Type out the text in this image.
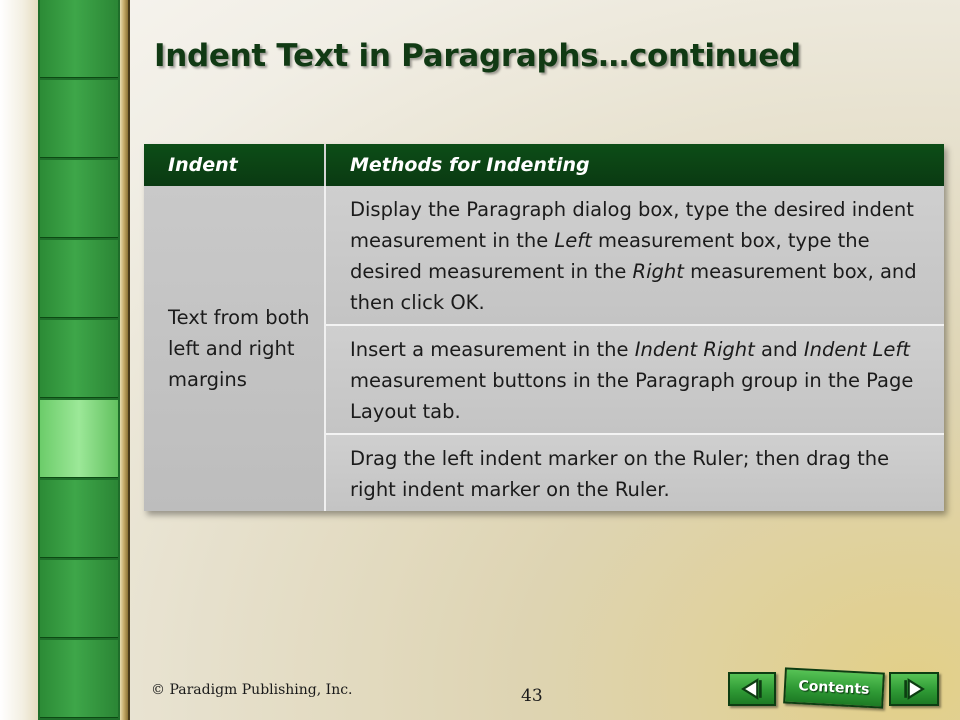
Indent Text in Paragraphs…continued
Indent	Methods for Indenting
Text from both left and right margins	Display the Paragraph dialog box, type the desired indent measurement in the Left measurement box, type the desired measurement in the Right measurement box, and then click OK.
	Insert a measurement in the Indent Right and Indent Left measurement buttons in the Paragraph group in the Page Layout tab.
	Drag the left indent marker on the Ruler; then drag the right indent marker on the Ruler.
© Paradigm Publishing, Inc.	43	Contents
